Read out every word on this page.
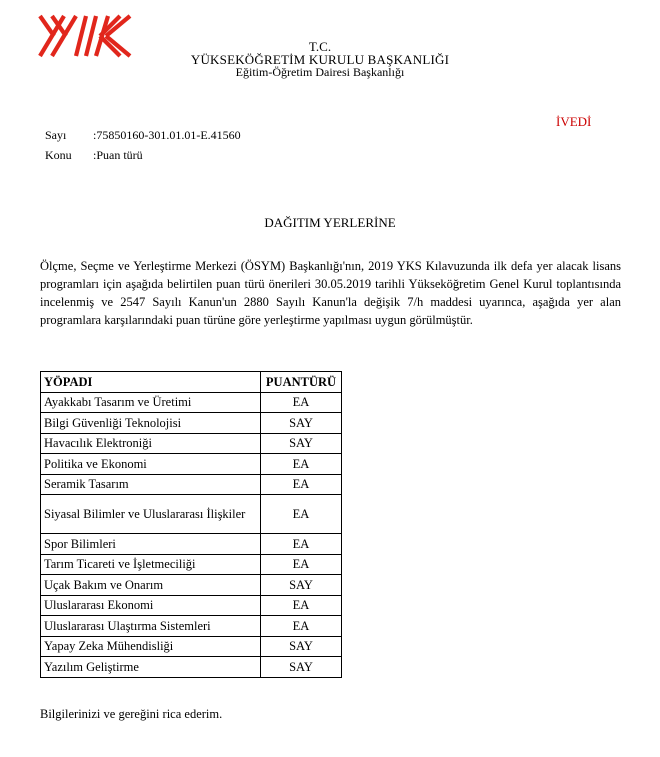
T.C.
YÜKSEKÖĞRETİM KURULU BAŞKANLIĞI
Eğitim-Öğretim Dairesi Başkanlığı
İVEDİ
Sayı :75850160-301.01.01-E.41560
Konu :Puan türü
DAĞITIM YERLERİNE
Ölçme, Seçme ve Yerleştirme Merkezi (ÖSYM) Başkanlığı'nın, 2019 YKS Kılavuzunda ilk defa yer alacak lisans programları için aşağıda belirtilen puan türü önerileri 30.05.2019 tarihli Yükseköğretim Genel Kurul toplantısında incelenmiş ve 2547 Sayılı Kanun'un 2880 Sayılı Kanun'la değişik 7/h maddesi uyarınca, aşağıda yer alan programlara karşılarındaki puan türüne göre yerleştirme yapılması uygun görülmüştür.
YÖPADI	PUANTÜRÜ

Ayakkabı Tasarım ve Üretimi	EA

Bilgi Güvenliği Teknolojisi	SAY

Havacılık Elektroniği	SAY

Politika ve Ekonomi	EA

Seramik Tasarım	EA

Siyasal Bilimler ve Uluslararası İlişkiler	EA

Spor Bilimleri	EA

Tarım Ticareti ve İşletmeciliği	EA

Uçak Bakım ve Onarım	SAY

Uluslararası Ekonomi	EA

Uluslararası Ulaştırma Sistemleri	EA

Yapay Zeka Mühendisliği	SAY

Yazılım Geliştirme	SAY
Bilgilerinizi ve gereğini rica ederim.
